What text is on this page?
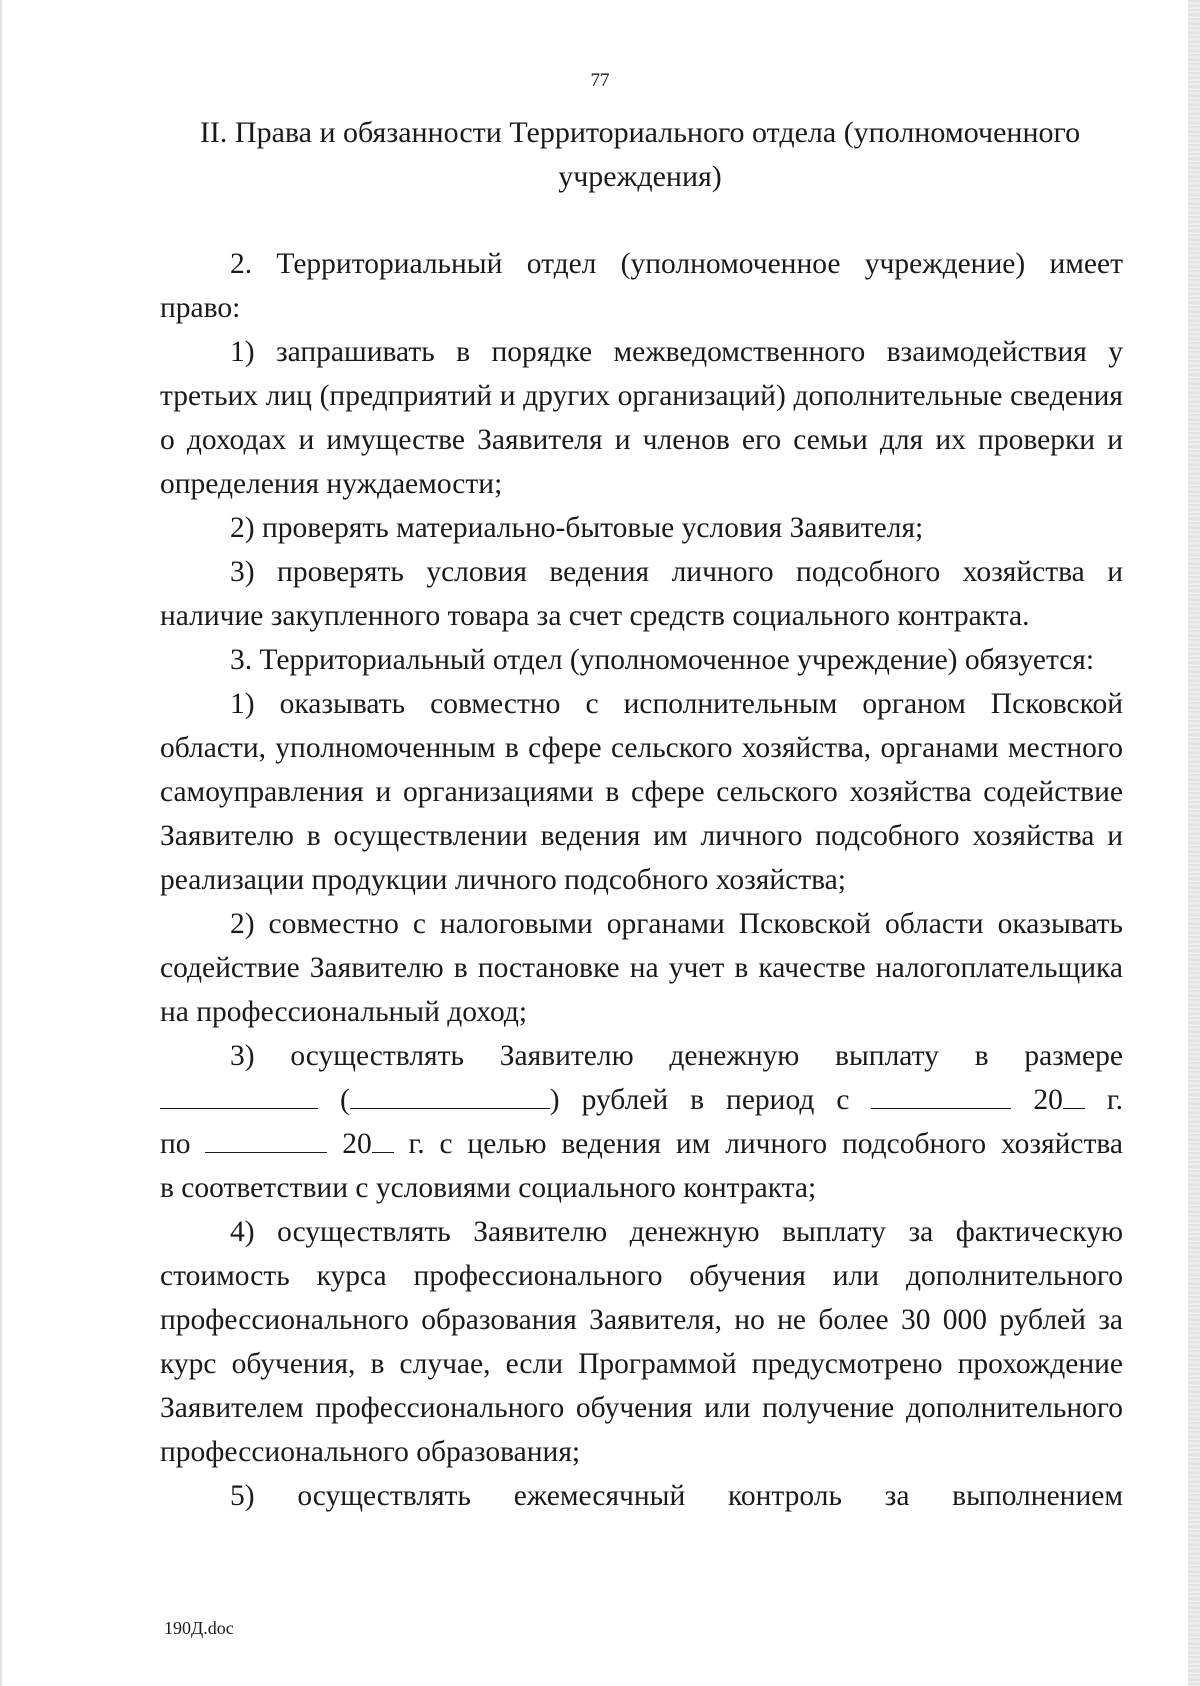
77
II. Права и обязанности Территориального отдела (уполномоченного
учреждения)

2. Территориальный отдел (уполномоченное учреждение) имеет право:

1) запрашивать в порядке межведомственного взаимодействия у третьих лиц (предприятий и других организаций) дополнительные сведения о доходах и имуществе Заявителя и членов его семьи для их проверки и определения нуждаемости;

2) проверять материально-бытовые условия Заявителя;

3) проверять условия ведения личного подсобного хозяйства и наличие закупленного товара за счет средств социального контракта.

3. Территориальный отдел (уполномоченное учреждение) обязуется:

1) оказывать совместно с исполнительным органом Псковской области, уполномоченным в сфере сельского хозяйства, органами местного самоуправления и организациями в сфере сельского хозяйства содействие Заявителю в осуществлении ведения им личного подсобного хозяйства и реализации продукции личного подсобного хозяйства;

2) совместно с налоговыми органами Псковской области оказывать содействие Заявителю в постановке на учет в качестве налогоплательщика на профессиональный доход;

3) осуществлять Заявителю денежную выплату в размере
(	) рублей в период с	20 г.
по	20 г. с целью ведения им личного подсобного хозяйства
в соответствии с условиями социального контракта;

4) осуществлять Заявителю денежную выплату за фактическую стоимость курса профессионального обучения или дополнительного профессионального образования Заявителя, но не более 30 000 рублей за курс обучения, в случае, если Программой предусмотрено прохождение Заявителем профессионального обучения или получение дополнительного профессионального образования;

5) осуществлять ежемесячный контроль за выполнением

190Д.doc
